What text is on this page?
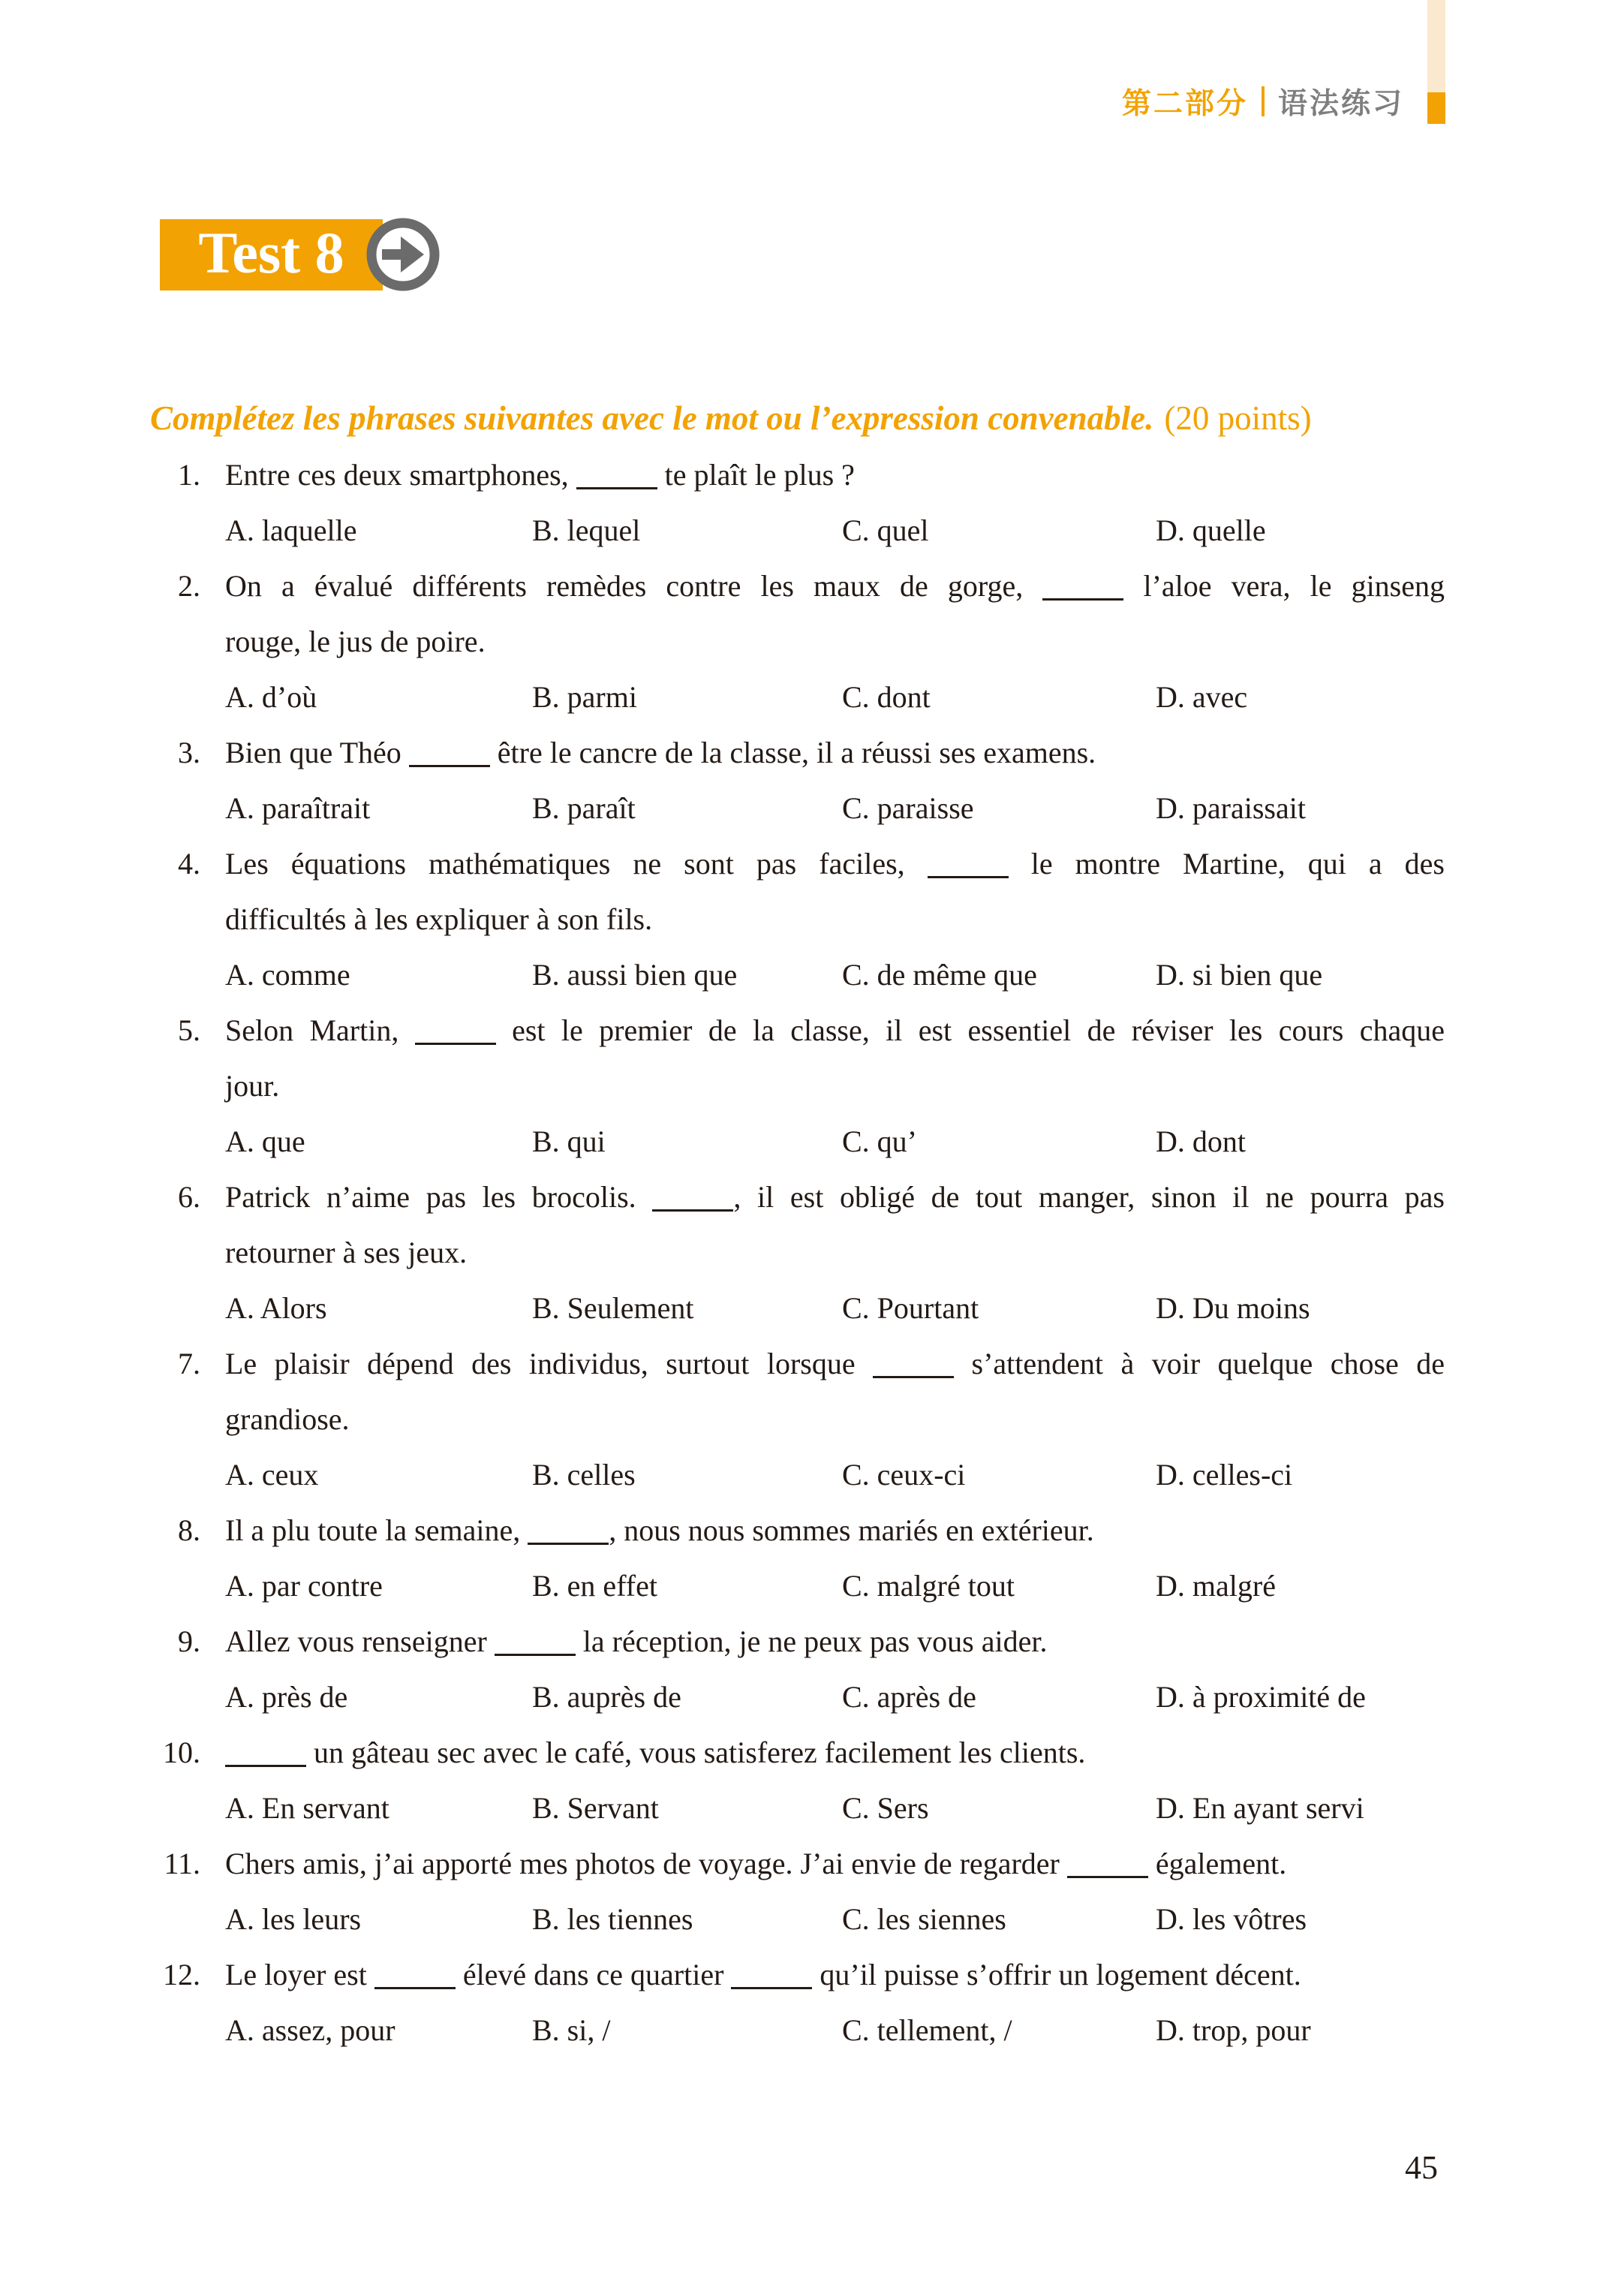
第二部分 语法练习
Test 8
Complétez les phrases suivantes avec le mot ou l’expression convenable. (20 points)
1. Entre ces deux smartphones,	te plaît le plus ?
A. laquelle	B. lequel	C. quel	D. quelle
2. On a évalué différents remèdes contre les maux de gorge,	l’aloe vera, le ginseng
rouge, le jus de poire.
A. d’où	B. parmi	C. dont	D. avec
3. Bien que Théo	être le cancre de la classe, il a réussi ses examens.
A. paraîtrait	B. paraît	C. paraisse	D. paraissait
4. Les équations mathématiques ne sont pas faciles,	le montre Martine, qui a des
difficultés à les expliquer à son fils.
A. comme	B. aussi bien que	C. de même que	D. si bien que
5. Selon Martin,	est le premier de la classe, il est essentiel de réviser les cours chaque
jour.
A. que	B. qui	C. qu’	D. dont
6. Patrick n’aime pas les brocolis.	, il est obligé de tout manger, sinon il ne pourra pas
retourner à ses jeux.
A. Alors	B. Seulement	C. Pourtant	D. Du moins
7. Le plaisir dépend des individus, surtout lorsque	s’attendent à voir quelque chose de
grandiose.
A. ceux	B. celles	C. ceux-ci	D. celles-ci
8. Il a plu toute la semaine,	, nous nous sommes mariés en extérieur.
A. par contre	B. en effet	C. malgré tout	D. malgré
9. Allez vous renseigner	la réception, je ne peux pas vous aider.
A. près de	B. auprès de	C. après de	D. à proximité de
10.	un gâteau sec avec le café, vous satisferez facilement les clients.
A. En servant	B. Servant	C. Sers	D. En ayant servi
11. Chers amis, j’ai apporté mes photos de voyage. J’ai envie de regarder	également.
A. les leurs	B. les tiennes	C. les siennes	D. les vôtres
12. Le loyer est	élevé dans ce quartier	qu’il puisse s’offrir un logement décent.
A. assez, pour	B. si, /	C. tellement, /	D. trop, pour
45
